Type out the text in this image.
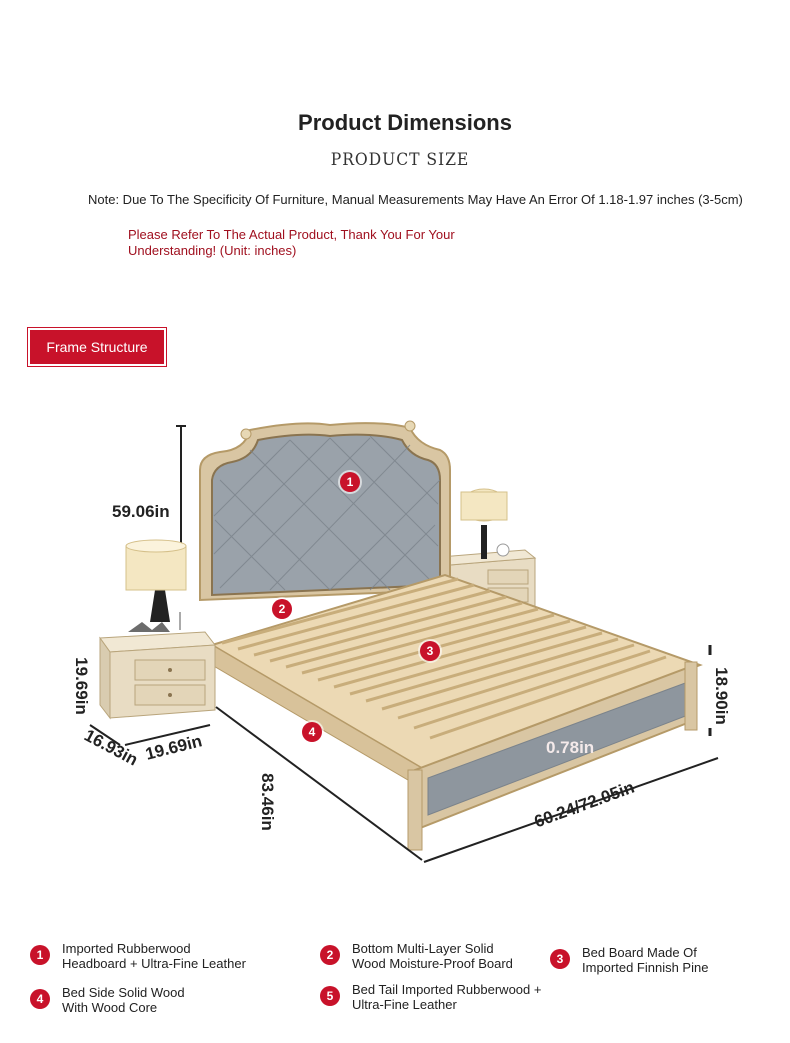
Product Dimensions
PRODUCT SIZE
Note: Due To The Specificity Of Furniture, Manual Measurements May Have An Error Of 1.18-1.97 inches (3-5cm)
Please Refer To The Actual Product, Thank You For Your
Understanding! (Unit: inches)
Frame Structure
59.06in
19.69in
16.93in 19.69in
83.46in	60.24/72.05in
18.90in
0.78in
1
2
3
4
1	Imported Rubberwood
Headboard + Ultra-Fine Leather
2	Bottom Multi-Layer Solid
Wood Moisture-Proof Board	3	Bed Board Made Of
Imported Finnish Pine
4	Bed Side Solid Wood
With Wood Core
5	Bed Tail Imported Rubberwood +
Ultra-Fine Leather
